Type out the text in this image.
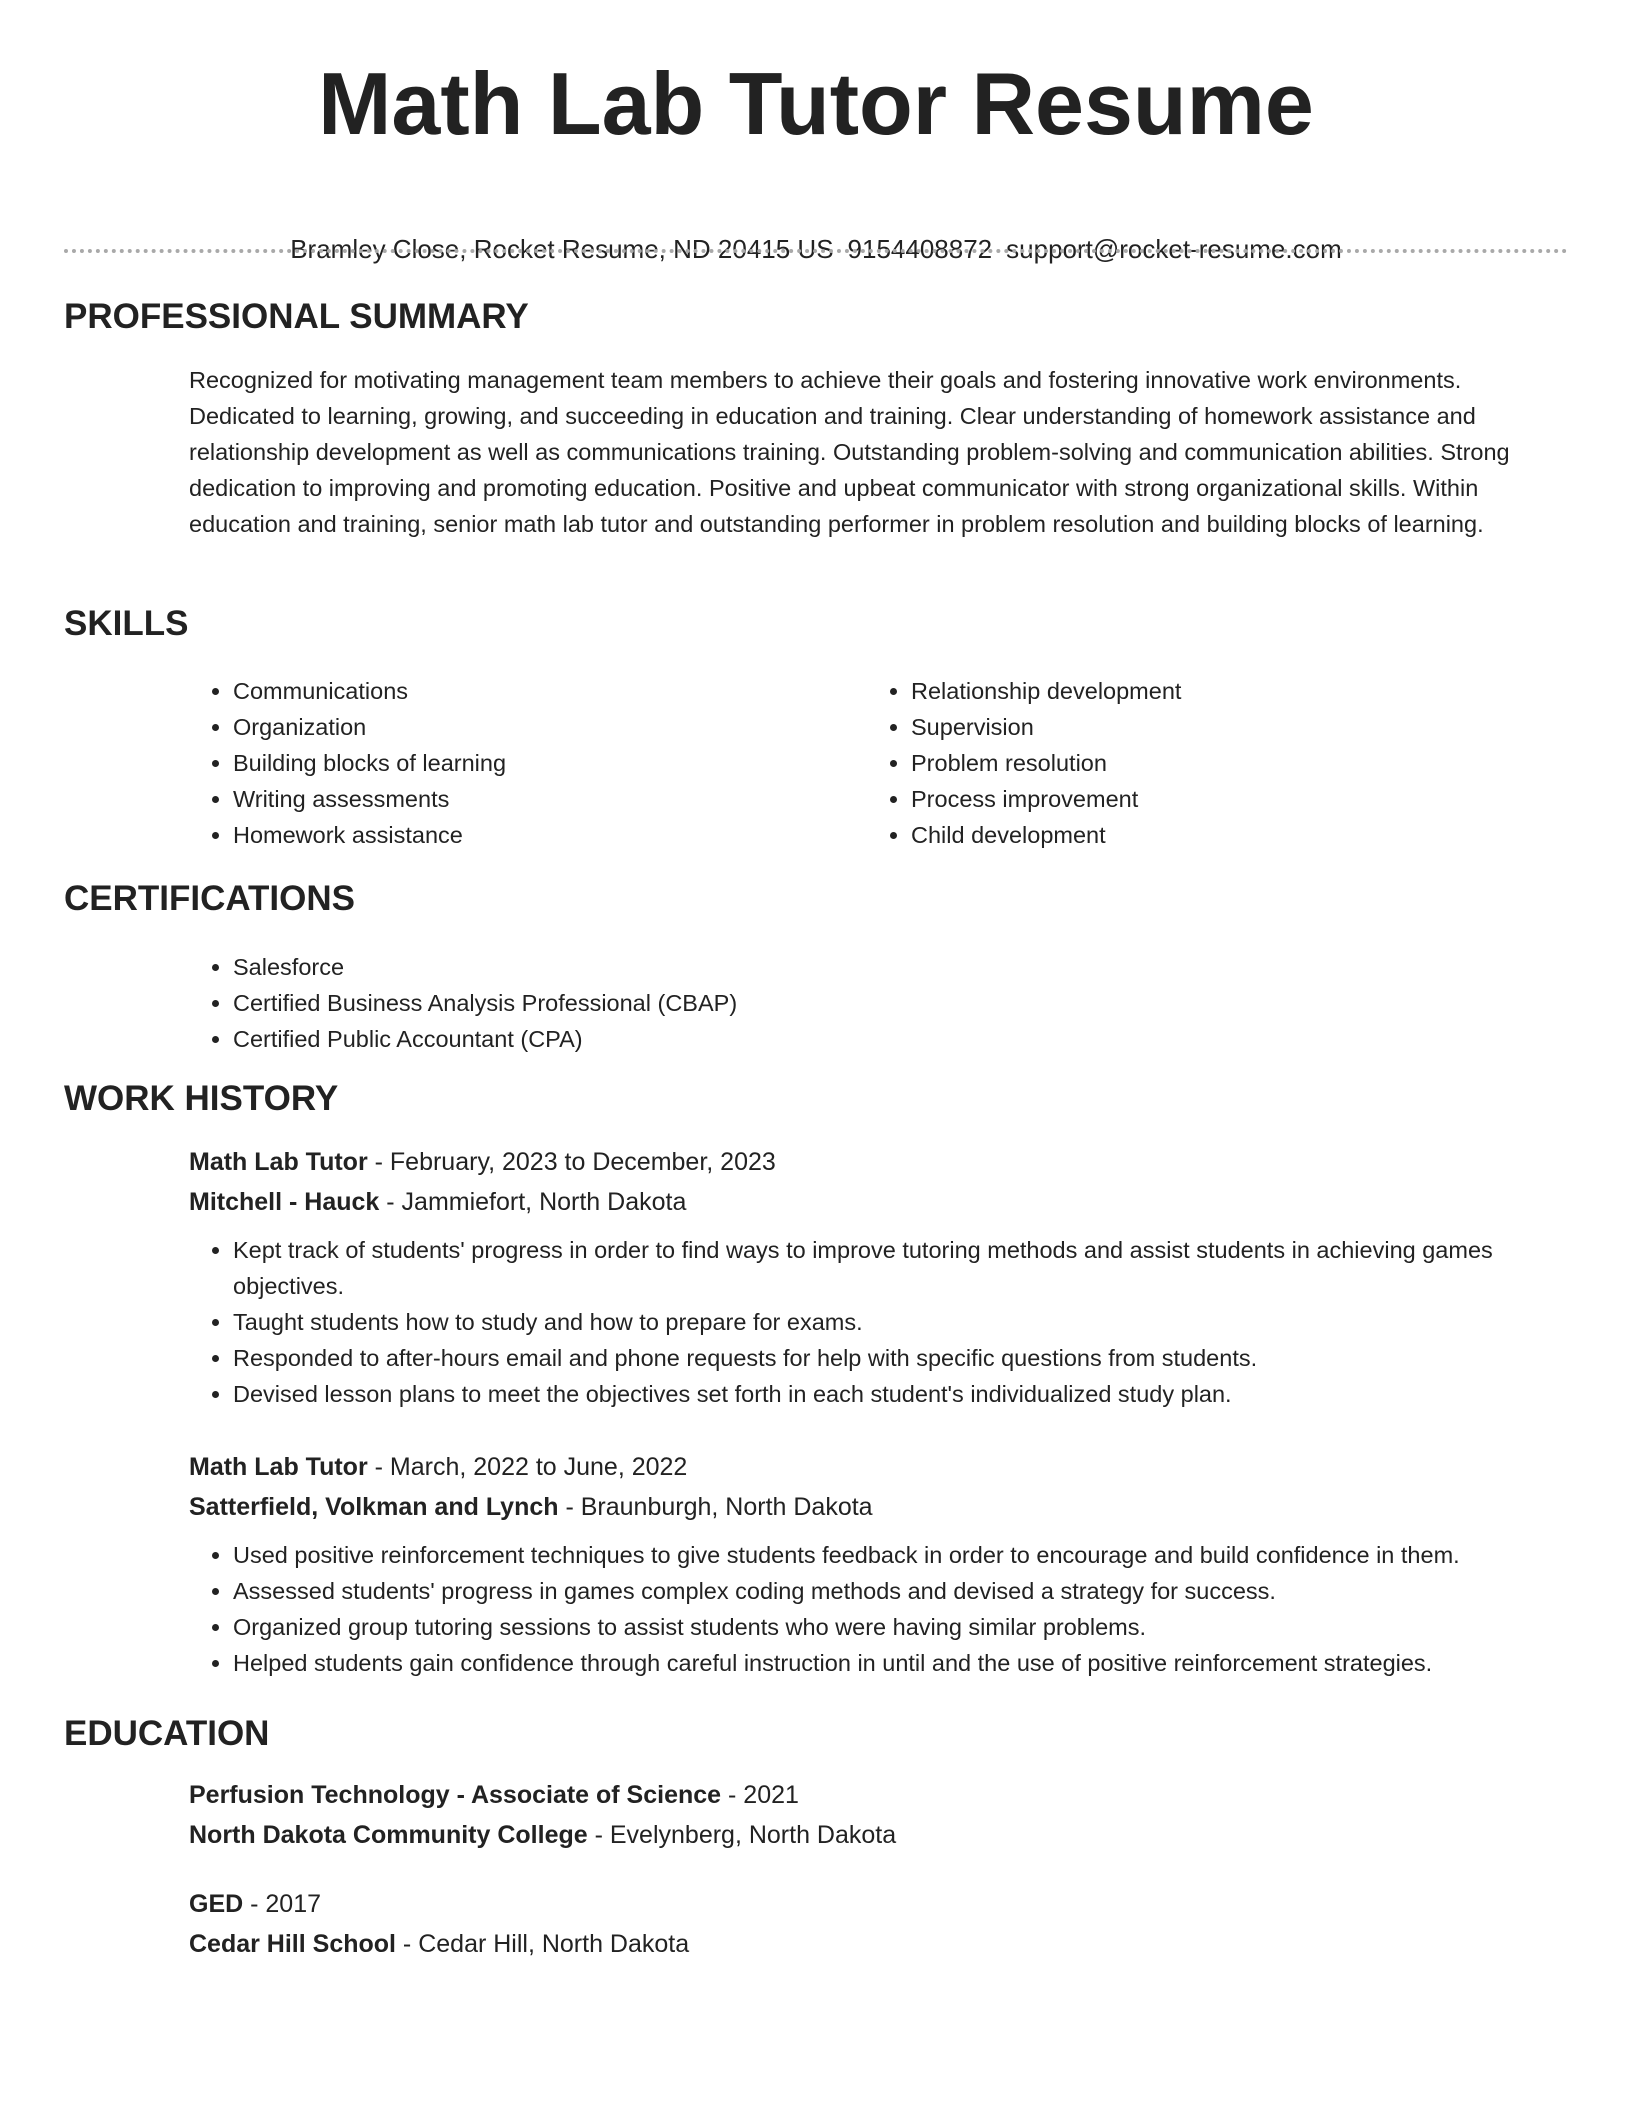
Math Lab Tutor Resume
Bramley Close, Rocket Resume, ND 20415 US 9154408872 support@rocket-resume.com
PROFESSIONAL SUMMARY

Recognized for motivating management team members to achieve their goals and fostering innovative work environments. Dedicated to learning, growing, and succeeding in education and training. Clear understanding of homework assistance and relationship development as well as communications training. Outstanding problem-solving and communication abilities. Strong dedication to improving and promoting education. Positive and upbeat communicator with strong organizational skills. Within education and training, senior math lab tutor and outstanding performer in problem resolution and building blocks of learning.

SKILLS
• Communications
• Organization
• Building blocks of learning
• Writing assessments
• Homework assistance
• Relationship development
• Supervision
• Problem resolution
• Process improvement
• Child development
CERTIFICATIONS
• Salesforce
• Certified Business Analysis Professional (CBAP)
• Certified Public Accountant (CPA)
WORK HISTORY
Math Lab Tutor - February, 2023 to December, 2023
Mitchell - Hauck - Jammiefort, North Dakota
• Kept track of students' progress in order to find ways to improve tutoring methods and assist students in achieving games objectives.
• Taught students how to study and how to prepare for exams.
• Responded to after-hours email and phone requests for help with specific questions from students.
• Devised lesson plans to meet the objectives set forth in each student's individualized study plan.
Math Lab Tutor - March, 2022 to June, 2022
Satterfield, Volkman and Lynch - Braunburgh, North Dakota
• Used positive reinforcement techniques to give students feedback in order to encourage and build confidence in them.
• Assessed students' progress in games complex coding methods and devised a strategy for success.
• Organized group tutoring sessions to assist students who were having similar problems.
• Helped students gain confidence through careful instruction in until and the use of positive reinforcement strategies.
EDUCATION
Perfusion Technology - Associate of Science - 2021
North Dakota Community College - Evelynberg, North Dakota
GED - 2017
Cedar Hill School - Cedar Hill, North Dakota
